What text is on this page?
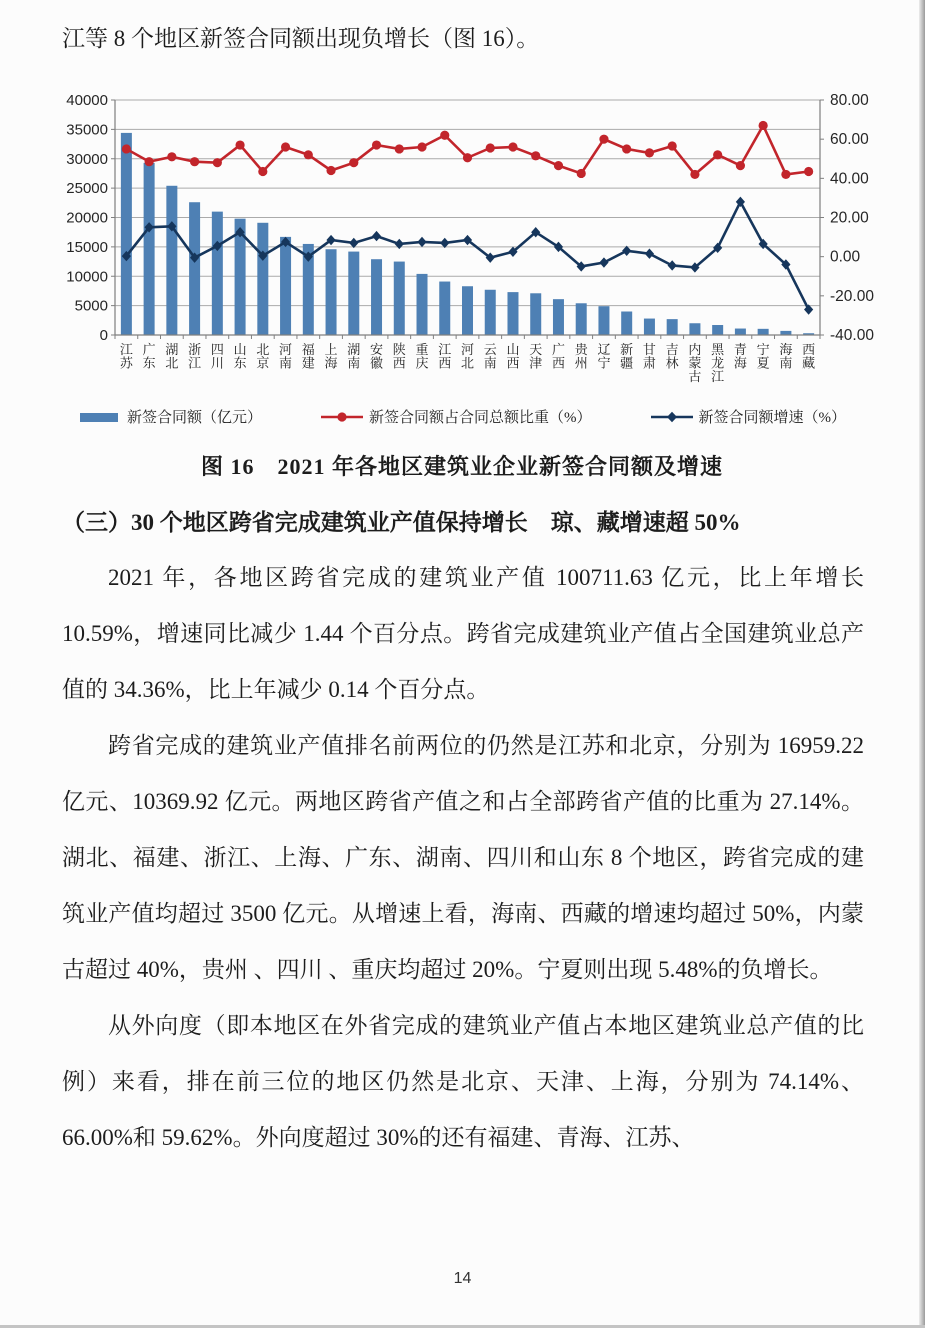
江等 8 个地区新签合同额出现负增长（图 16）。
0
5000
10000
15000
20000
25000
30000
35000
40000
-40.00
-20.00
0.00
20.00
40.00
60.00
80.00
江苏
广东
湖北
浙江
四川
山东
北京
河南
福建
上海
湖南
安徽
陕西
重庆
江西
河北
云南
山西
天津
广西
贵州
辽宁
新疆
甘肃
吉林
内蒙古
黑龙江
青海
宁夏
海南
西藏
新签合同额（亿元）	新签合同额占合同总额比重（%）	新签合同额增速（%）
图 16　2021 年各地区建筑业企业新签合同额及增速
（三）30 个地区跨省完成建筑业产值保持增长　琼、藏增速超 50%

2021 年，各地区跨省完成的建筑业产值 100711.63 亿元，比上年增长 10.59%，增速同比减少 1.44 个百分点。跨省完成建筑业产值占全国建筑业总产值的 34.36%，比上年减少 0.14 个百分点。

跨省完成的建筑业产值排名前两位的仍然是江苏和北京，分别为 16959.22 亿元、10369.92 亿元。两地区跨省产值之和占全部跨省产值的比重为 27.14%。湖北、福建、浙江、上海、广东、湖南、四川和山东 8 个地区，跨省完成的建筑业产值均超过 3500 亿元。从增速上看，海南、西藏的增速均超过 50%，内蒙古超过 40%，贵州 、四川 、重庆均超过 20%。宁夏则出现 5.48%的负增长。

从外向度（即本地区在外省完成的建筑业产值占本地区建筑业总产值的比例）来看，排在前三位的地区仍然是北京、天津、上海，分别为 74.14%、66.00%和 59.62%。外向度超过 30%的还有福建、青海、江苏、

14
